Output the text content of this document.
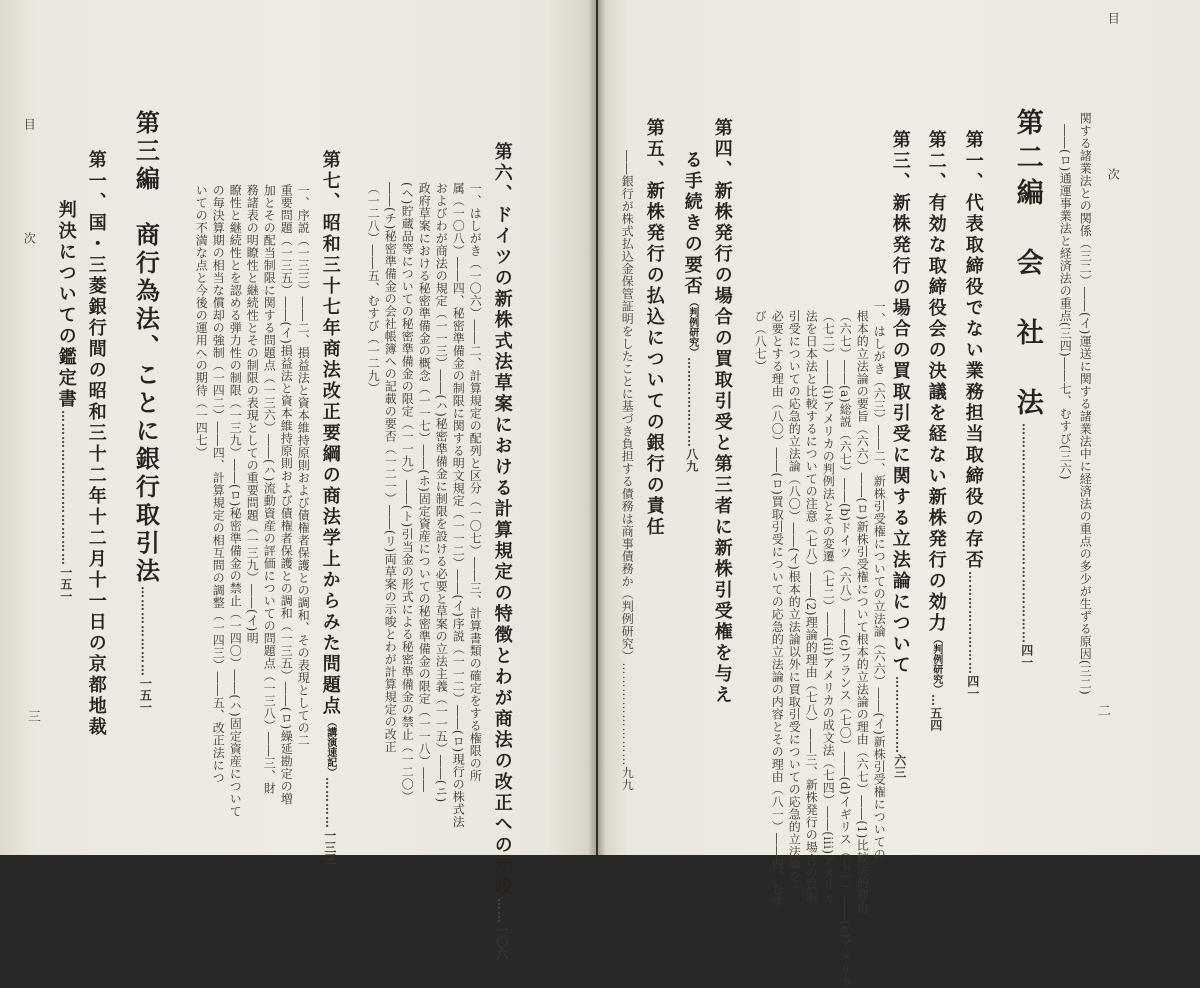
目
次
二
関する諸業法との関係（三二）――(イ)運送に関する諸業法中に経済法の重点の多少が生ずる原因(三二)
――(ロ)通運事業法と経済法の重点(三四)――七、むすび(三六)
第二編　会　社　法……………………………………………四一
第一、代表取締役でない業務担当取締役の存否……………………四一
第二、有効な取締役会の決議を経ない新株発行の効力（判例研究）…五四
第三、新株発行の場合の買取引受に関する立法論について………………六三
一、はしがき（六三）――二、新株引受権についての立法論（六六）――(イ)新株引受権についての
根本的立法論の要旨（六六）――(ロ)新株引受権について根本的立法論の理由（六七）――(1)比較法的理由
（六七）――(a)総説（六七）――(b)ドイツ（六八）――(c)フランス（七〇）――(d)イギリス（七一）――(e)アメリカ
（七二）――(i)アメリカの判例法とその変遷（七二）――(ii)アメリカの成文法（七四）――(iii)アメリカ
法を日本法と比較するについての注意（七八）――(2)理論的理由（七八）――三、新株発行の場合の買取
引受についての応急的立法論（八〇）――(イ)根本的立法論以外に買取引受についての応急的立法論を
必要とする理由（八〇）――(ロ)買取引受についての応急的立法論の内容とその理由（八一）――四、むす
び（八七）
第四、新株発行の場合の買取引受と第三者に新株引受権を与え
る手続きの要否（判例研究）…………………八九
第五、新株発行の払込についての銀行の責任
――銀行が株式払込金保管証明をしたことに基づき負担する債務は商事債務か（判例研究）……………………九九
第六、ドイツの新株式法草案における計算規定の特徴とわが商法の改正への示唆……一〇六
一、はしがき（一〇六）――二、計算規定の配列と区分（一〇七）――三、計算書類の確定をする権限の所
属（一〇八）――四、秘密準備金の制限に関する明文規定（一一二）――(イ)序説（一一二）――(ロ)現行の株式法
およびわが商法の規定（一一三）――(ハ)秘密準備金に制限を設ける必要と草案の立法主義（一一五）――(ニ)
政府草案における秘密準備金の概念（一一七）――(ホ)固定資産についての秘密準備金の限定（一一八）――
(ヘ)貯蔵品等についての秘密準備金の限定（一一九）――(ト)引当金の形式による秘密準備金の禁止（一二〇）
――(チ)秘密準備金の会社帳簿への記載の要否（一二一）――(リ)両草案の示唆とわが計算規定の改正
（一二八）――五、むすび（一二九）
第七、昭和三十七年商法改正要綱の商法学上からみた問題点（講演速記）…………一三三
一、序説（一三三）――二、損益法と資本維持原則および債権者保護との調和、その表現としての二
重要問題（一三五）――(イ)損益法と資本維持原則および債権者保護との調和（一三五）――(ロ)繰延勘定の増
加とその配当制限に関する問題点（一三六）――(ハ)流動資産の評価についての問題点（一三八）――三、財
務諸表の明瞭性と継続性とその制限の表現としての重要問題（一三九）――(イ)明
瞭性と継続性とを認める弾力性の制限（一三九）――(ロ)秘密準備金の禁止（一四〇）――(ハ)固定資産について
の毎決算期の相当な償却の強制（一四二）――四、計算規定の相互間の調整（一四三）――五、改正法につ
いての不満な点と今後の運用への期待（一四七）
第三編　商行為法、ことに銀行取引法…………………一五一
第一、国・三菱銀行間の昭和三十二年十二月十一日の京都地裁
判決についての鑑定書………………………………一五一
目
次
三
